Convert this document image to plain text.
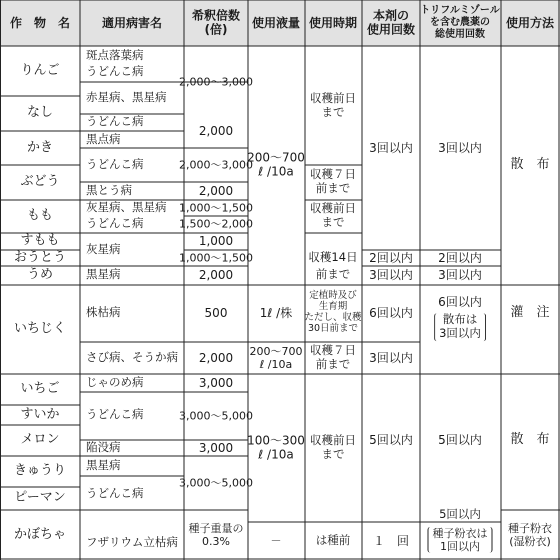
作　物　名	適用病害名
希釈倍数
(倍)
使用液量 使用時期
本剤の
使用回数
トリフルミゾール
を含む農薬の
総使用回数
使用方法
りんご
なし
かき
ぶどう
もも
すもも
おうとう
うめ
いちじく
いちご
すいか
メロン
きゅうり
ピーマン
かぼちゃ
斑点落葉病
うどんこ病
赤星病、黒星病
うどんこ病
黒点病
うどんこ病
黒とう病
灰星病、黒星病
うどんこ病
灰星病
黒星病
株枯病
さび病、そうか病
じゃのめ病
うどんこ病
陥没病
黒星病
うどんこ病
フザリウム立枯病
2,000～3,000
2,000
2,000～3,000
2,000
1,000～1,500
1,500～2,000
1,000
1,000～1,500
2,000
500
2,000
3,000
3,000～5,000
3,000
3,000～5,000
種子重量の
0.3%
200～700
ℓ /10a
1ℓ /株
200～700
ℓ /10a
100～300
ℓ /10a
－
収穫前日
まで
収穫７日
前まで
収穫前日
まで
収穫14日
前まで
定植時及び
生育期
ただし、収穫
30日前まで
収穫７日
前まで
収穫前日
まで
は種前
3回以内
2回以内
3回以内
6回以内
3回以内
5回以内
１　回
3回以内
2回以内
3回以内
6回以内
散布は
3回以内
5回以内
5回以内
種子粉衣は
1回以内
散　布
灌　注
散　布
種子粉衣
(湿粉衣)
